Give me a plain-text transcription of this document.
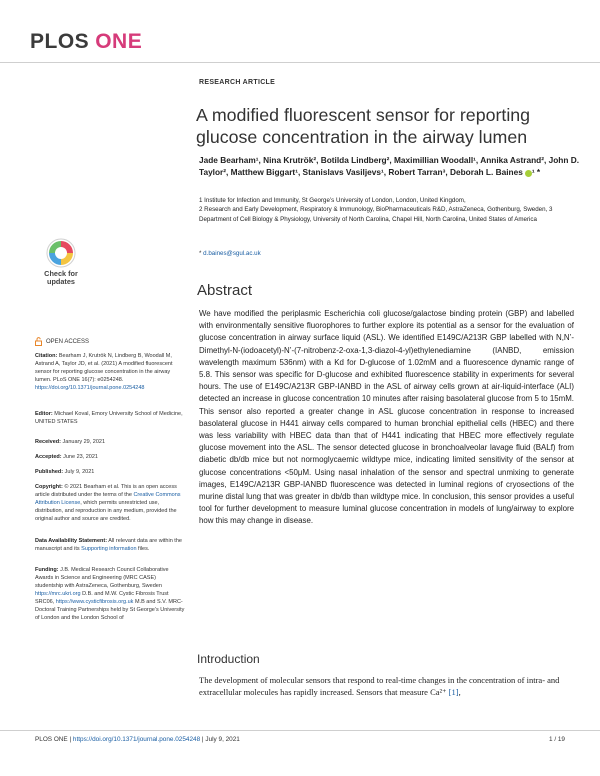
PLOS ONE
RESEARCH ARTICLE
A modified fluorescent sensor for reporting glucose concentration in the airway lumen
Jade Bearham¹, Nina Krutrök², Botilda Lindberg², Maximillian Woodall¹, Annika Astrand², John D. Taylor², Matthew Biggart¹, Stanislavs Vasiljevs¹, Robert Tarran³, Deborah L. Baines ¹ *
1 Institute for Infection and Immunity, St George’s University of London, London, United Kingdom,
2 Research and Early Development, Respiratory & Immunology, BioPharmaceuticals R&D, AstraZeneca, Gothenburg, Sweden, 3 Department of Cell Biology & Physiology, University of North Carolina, Chapel Hill, North Carolina, United States of America
* d.baines@sgul.ac.uk
Abstract
We have modified the periplasmic Escherichia coli glucose/galactose binding protein (GBP) and labelled with environmentally sensitive fluorophores to further explore its potential as a sensor for the evaluation of glucose concentration in airway surface liquid (ASL). We identified E149C/A213R GBP labelled with N,N’-Dimethyl-N-(iodoacetyl)-N’-(7-nitrobenz-2-oxa-1,3-diazol-4-yl)ethylenediamine (IANBD, emission wavelength maximum 536nm) with a Kd for D-glucose of 1.02mM and a fluorescence dynamic range of 5.8. This sensor was specific for D-glucose and exhibited fluorescence stability in experiments for several hours. The use of E149C/A213R GBP-IANBD in the ASL of airway cells grown at air-liquid-interface (ALI) detected an increase in glucose concentration 10 minutes after raising basolateral glucose from 5 to 15mM. This sensor also reported a greater change in ASL glucose concentration in response to increased basolateral glucose in H441 airway cells compared to human bronchial epithelial cells (HBEC) and there was less variability with HBEC data than that of H441 indicating that HBEC more effectively regulate glucose movement into the ASL. The sensor detected glucose in bronchoalveolar lavage fluid (BALf) from diabetic db/db mice but not normoglycaemic wildtype mice, indicating limited sensitivity of the sensor at glucose concentrations <50μM. Using nasal inhalation of the sensor and spectral unmixing to generate images, E149C/A213R GBP-IANBD fluorescence was detected in luminal regions of cryosections of the murine distal lung that was greater in db/db than wildtype mice. In conclusion, this sensor provides a useful tool for further development to measure luminal glucose concentration in models of lung/airway to explore how this may change in disease.
Introduction
The development of molecular sensors that respond to real-time changes in the concentration of intra- and extracellular molecules has rapidly increased. Sensors that measure Ca²⁺ [1],
Check for updates
OPEN ACCESS
Citation: Bearham J, Krutrök N, Lindberg B, Woodall M, Astrand A, Taylor JD, et al. (2021) A modified fluorescent sensor for reporting glucose concentration in the airway lumen. PLoS ONE 16(7): e0254248. https://doi.org/10.1371/journal.pone.0254248
Editor: Michael Koval, Emory University School of Medicine, UNITED STATES
Received: January 29, 2021
Accepted: June 23, 2021
Published: July 9, 2021
Copyright: © 2021 Bearham et al. This is an open access article distributed under the terms of the Creative Commons Attribution License, which permits unrestricted use, distribution, and reproduction in any medium, provided the original author and source are credited.
Data Availability Statement: All relevant data are within the manuscript and its Supporting information files.
Funding: J.B. Medical Research Council Collaborative Awards in Science and Engineering (MRC CASE) studentship with AstraZeneca, Gothenburg, Sweden https://mrc.ukri.org D.B. and M.W. Cystic Fibrosis Trust SRC06, https://www.cysticfibrosis.org.uk M.B and S.V. MRC- Doctoral Training Partnerships held by St George’s University of London and the London School of
PLOS ONE | https://doi.org/10.1371/journal.pone.0254248 | July 9, 2021	1 / 19
